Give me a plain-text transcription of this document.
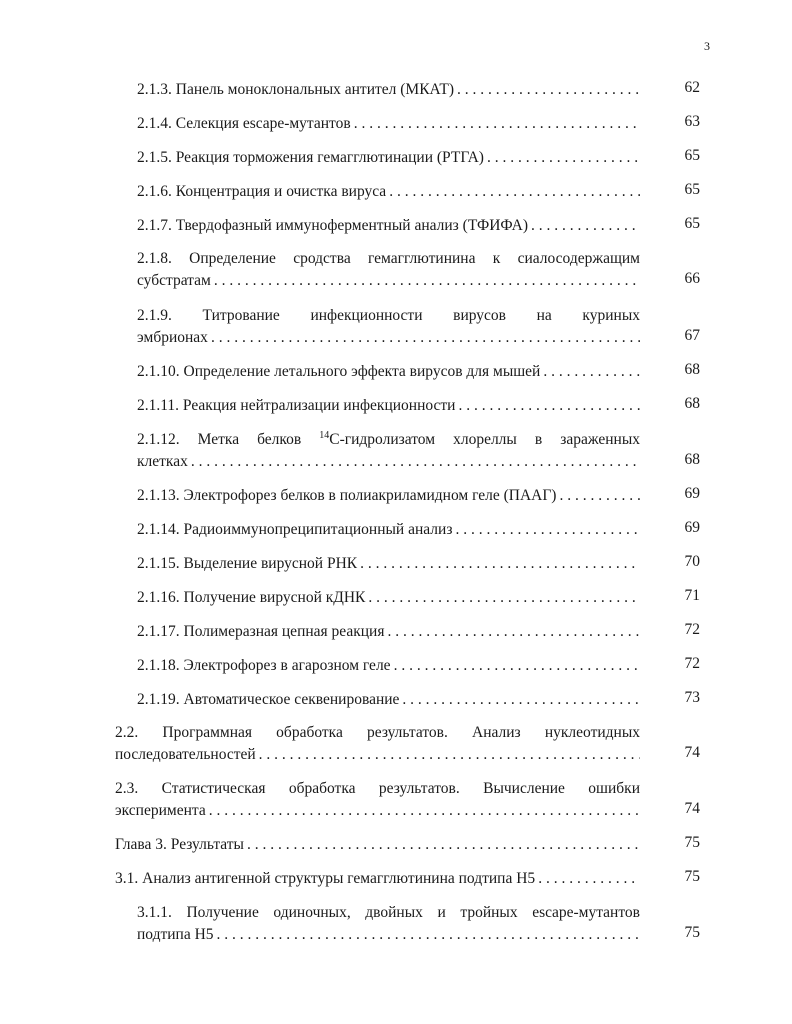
3
2.1.3. Панель моноклональных антител (МКАТ) . . .	62
2.1.4. Селекция escape-мутантов . . .	63
2.1.5. Реакция торможения гемагглютинации (РТГА) . . .	65
2.1.6. Концентрация и очистка вируса . . .	65
2.1.7. Твердофазный иммуноферментный анализ (ТФИФА) . . .	65
2.1.8. Определение сродства гемагглютинина к сиалосодержащим
субстратам . . .	66
2.1.9. Титрование инфекционности вирусов на куриных
эмбрионах . . .	67
2.1.10. Определение летального эффекта вирусов для мышей . . .	68
2.1.11. Реакция нейтрализации инфекционности . . .	68
2.1.12. Метка белков $^{14}$С-гидролизатом хлореллы в зараженных
клетках . . .	68
2.1.13. Электрофорез белков в полиакриламидном геле (ПААГ) . . .	69
2.1.14. Радиоиммунопреципитационный анализ . . .	69
2.1.15. Выделение вирусной РНК . . .	70
2.1.16. Получение вирусной кДНК . . .	71
2.1.17. Полимеразная цепная реакция . . .	72
2.1.18. Электрофорез в агарозном геле . . .	72
2.1.19. Автоматическое секвенирование . . .	73
2.2. Программная обработка результатов. Анализ нуклеотидных
последовательностей . . .	74
2.3. Статистическая обработка результатов. Вычисление ошибки
эксперимента . . .	74
Глава 3. Результаты . . .	75
3.1. Анализ антигенной структуры гемагглютинина подтипа Н5 . . .	75
3.1.1. Получение одиночных, двойных и тройных escape-мутантов
подтипа Н5 . . .	75
